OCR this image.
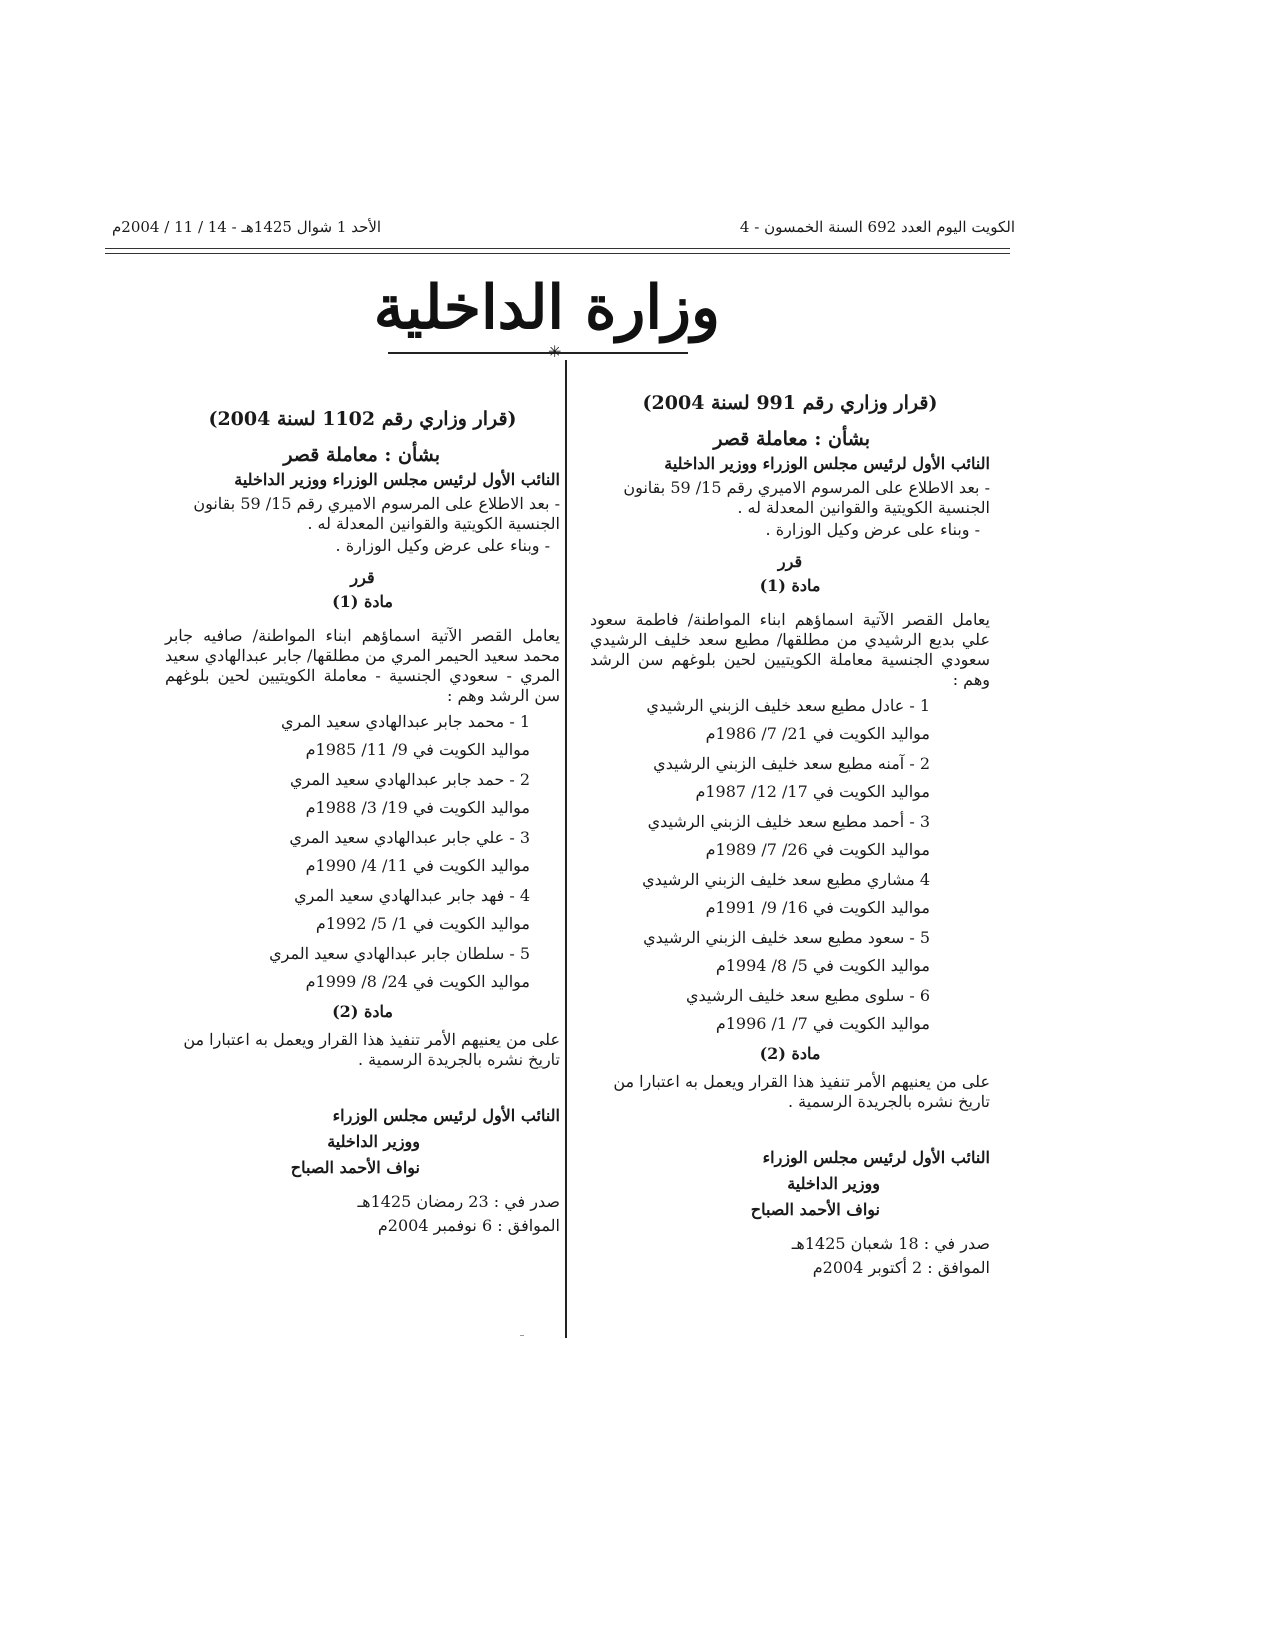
الكويت اليوم العدد 692 السنة الخمسون - 4
الأحد 1 شوال 1425هـ - 14 / 11 / 2004م
وزارة الداخلية
✳
(قرار وزاري رقم 991 لسنة 2004)
بشأن : معاملة قصر
النائب الأول لرئيس مجلس الوزراء ووزير الداخلية
- بعد الاطلاع على المرسوم الاميري رقم 15/ 59 بقانون الجنسية الكويتية والقوانين المعدلة له .
- وبناء على عرض وكيل الوزارة .
قرر
مادة (1)
يعامل القصر الآتية اسماؤهم ابناء المواطنة/ فاطمة سعود علي بديع الرشيدي من مطلقها/ مطيع سعد خليف الرشيدي سعودي الجنسية معاملة الكويتيين لحين بلوغهم سن الرشد وهم :
1 - عادل مطيع سعد خليف الزبني الرشيدي
مواليد الكويت في 21/ 7/ 1986م
2 - آمنه مطيع سعد خليف الزبني الرشيدي
مواليد الكويت في 17/ 12/ 1987م
3 - أحمد مطيع سعد خليف الزبني الرشيدي
مواليد الكويت في 26/ 7/ 1989م
4 مشاري مطيع سعد خليف الزبني الرشيدي
مواليد الكويت في 16/ 9/ 1991م
5 - سعود مطيع سعد خليف الزبني الرشيدي
مواليد الكويت في 5/ 8/ 1994م
6 - سلوى مطيع سعد خليف الرشيدي
مواليد الكويت في 7/ 1/ 1996م
مادة (2)
على من يعنيهم الأمر تنفيذ هذا القرار ويعمل به اعتبارا من تاريخ نشره بالجريدة الرسمية .
النائب الأول لرئيس مجلس الوزراء
ووزير الداخلية
نواف الأحمد الصباح
صدر في : 18 شعبان 1425هـ
الموافق : 2 أكتوبر 2004م
(قرار وزاري رقم 1102 لسنة 2004)
بشأن : معاملة قصر
النائب الأول لرئيس مجلس الوزراء ووزير الداخلية
- بعد الاطلاع على المرسوم الاميري رقم 15/ 59 بقانون الجنسية الكويتية والقوانين المعدلة له .
- وبناء على عرض وكيل الوزارة .
قرر
مادة (1)
يعامل القصر الآتية اسماؤهم ابناء المواطنة/ صافيه جابر محمد سعيد الحيمر المري من مطلقها/ جابر عبدالهادي سعيد المري - سعودي الجنسية - معاملة الكويتيين لحين بلوغهم سن الرشد وهم :
1 - محمد جابر عبدالهادي سعيد المري
مواليد الكويت في 9/ 11/ 1985م
2 - حمد جابر عبدالهادي سعيد المري
مواليد الكويت في 19/ 3/ 1988م
3 - علي جابر عبدالهادي سعيد المري
مواليد الكويت في 11/ 4/ 1990م
4 - فهد جابر عبدالهادي سعيد المري
مواليد الكويت في 1/ 5/ 1992م
5 - سلطان جابر عبدالهادي سعيد المري
مواليد الكويت في 24/ 8/ 1999م
مادة (2)
على من يعنيهم الأمر تنفيذ هذا القرار ويعمل به اعتبارا من تاريخ نشره بالجريدة الرسمية .
النائب الأول لرئيس مجلس الوزراء
ووزير الداخلية
نواف الأحمد الصباح
صدر في : 23 رمضان 1425هـ
الموافق : 6 نوفمبر 2004م
